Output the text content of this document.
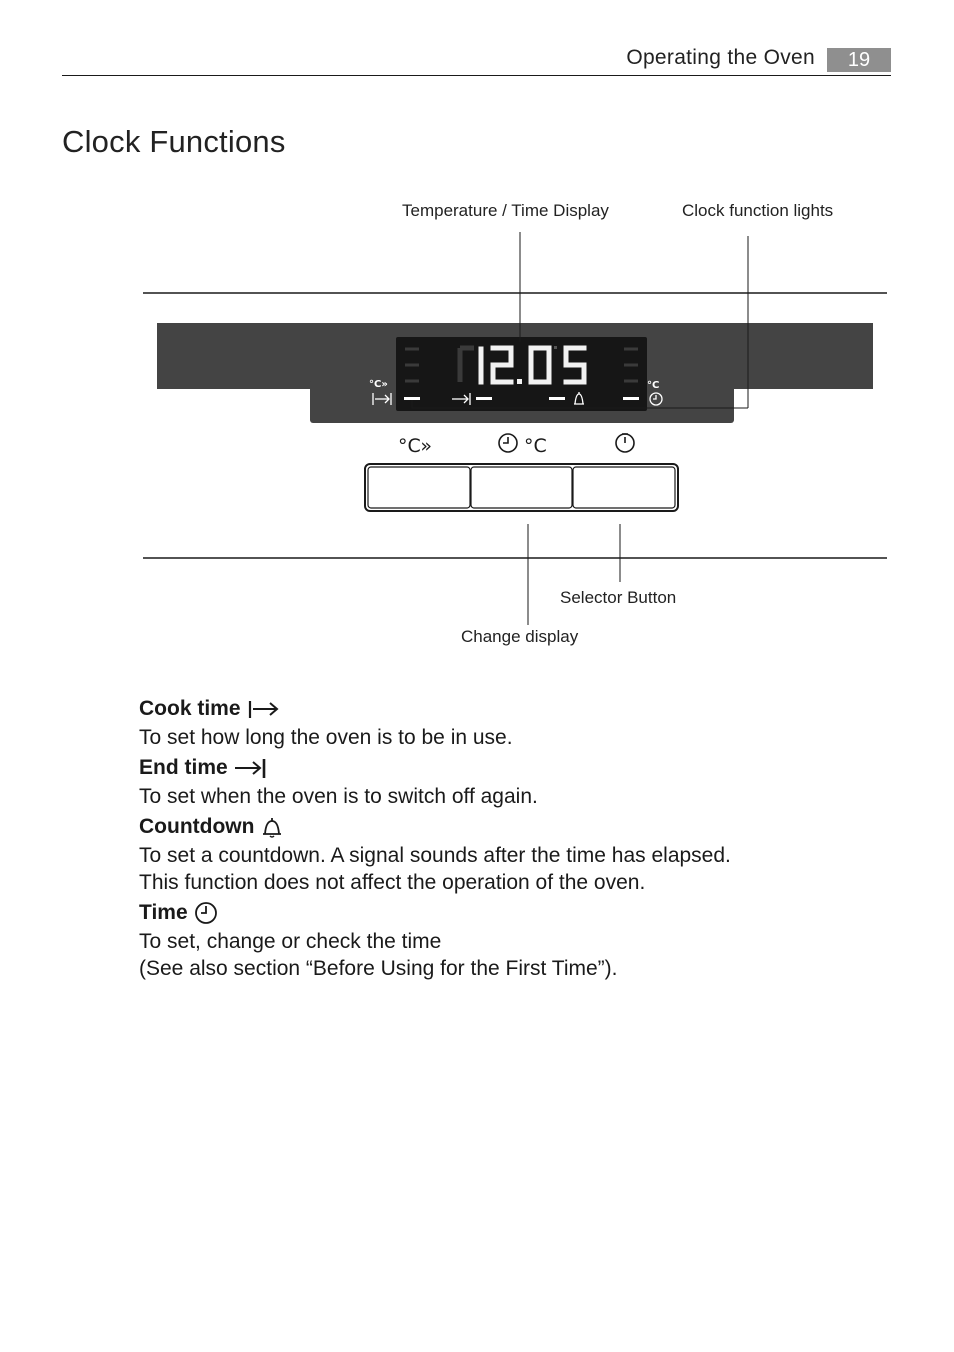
Operating the Oven	19
Clock Functions
Temperature / Time Display	Clock function lights
Selector Button
Change display
°C»	°C
°C»	°C
Cook time
To set how long the oven is to be in use.
End time
To set when the oven is to switch off again.
Countdown
To set a countdown. A signal sounds after the time has elapsed.
This function does not affect the operation of the oven.
Time
To set, change or check the time
(See also section “Before Using for the First Time”).
